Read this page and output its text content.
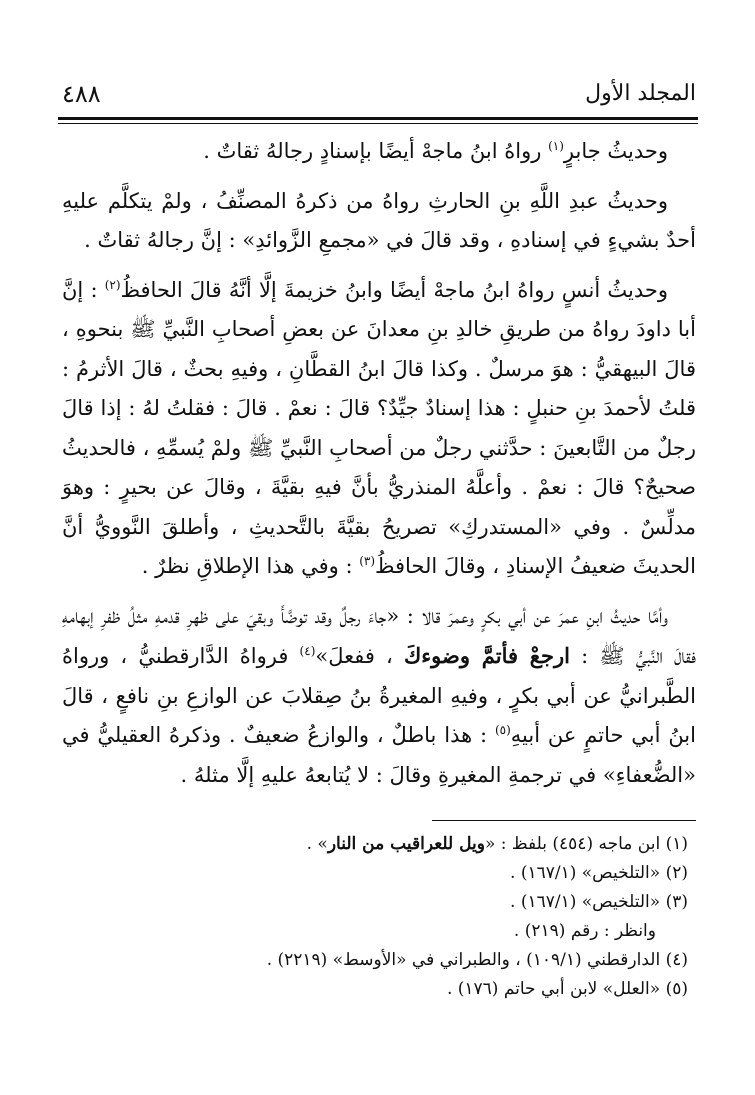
المجلد الأول
٤٨٨

وحديثُ جابرٍ$^{(١)}$ رواهُ ابنُ ماجهْ أيضًا بإسنادٍ رجالهُ ثقاتٌ .

وحديثُ عبدِ اللَّهِ بنِ الحارثِ رواهُ من ذكرهُ المصنِّفُ ، ولمْ يتكلَّم عليهِ أحدٌ بشيءٍ في إسنادهِ ، وقد قالَ في «مجمعِ الزَّوائدِ» : إنَّ رجالهُ ثقاتٌ .

وحديثُ أنسٍ رواهُ ابنُ ماجهْ أيضًا وابنُ خزيمةَ إلَّا أنَّهُ قالَ الحافظُ$^{(٢)}$ : إنَّ أبا داودَ رواهُ من طريقِ خالدِ بنِ معدانَ عن بعضِ أصحابِ النَّبيِّ ﷺ بنحوهِ ، قالَ البيهقيُّ : هوَ مرسلٌ . وكذا قالَ ابنُ القطَّانِ ، وفيهِ بحثٌ ، قالَ الأثرمُ : قلتُ لأحمدَ بنِ حنبلٍ : هذا إسنادٌ جيِّدٌ؟ قالَ : نعمْ . قالَ : فقلتُ لهُ : إذا قالَ رجلٌ من التَّابعينَ : حدَّثني رجلٌ من أصحابِ النَّبيِّ ﷺ ولمْ يُسمِّهِ ، فالحديثُ صحيحٌ؟ قالَ : نعمْ . وأعلَّهُ المنذريُّ بأنَّ فيهِ بقيَّةَ ، وقالَ عن بحيرٍ : وهوَ مدلِّسٌ . وفي «المستدركِ» تصريحُ بقيَّةَ بالتَّحديثِ ، وأطلقَ النَّوويُّ أنَّ الحديثَ ضعيفُ الإسنادِ ، وقالَ الحافظُ$^{(٣)}$ : وفي هذا الإطلاقِ نظرٌ .

وأمَّا حديثُ ابنِ عمرَ عن أبي بكرٍ وعمرَ قالا : «جاءَ رجلٌ وقد توضَّأَ وبقيَ على ظهرِ قدمهِ مثلُ ظفرِ إبهامهِ فقالَ النَّبيُّ ﷺ : ارجعْ فأتمَّ وضوءكَ ، ففعلَ»$^{(٤)}$ فرواهُ الدَّارقطنيُّ ، ورواهُ الطَّبرانيُّ عن أبي بكرٍ ، وفيهِ المغيرةُ بنُ صِقلابَ عن الوازعِ بنِ نافعٍ ، قالَ ابنُ أبي حاتمٍ عن أبيهِ$^{(٥)}$ : هذا باطلٌ ، والوازعُ ضعيفٌ . وذكرهُ العقيليُّ في «الضُّعفاءِ» في ترجمةِ المغيرةِ وقالَ : لا يُتابعهُ عليهِ إلَّا مثلهُ .

(١) ابن ماجه (٤٥٤) بلفظ : «ويل للعراقيب من النار» .
(٢) «التلخيص» (١٦٧/١) .
(٣) «التلخيص» (١٦٧/١) .
وانظر : رقم (٢١٩) .
(٤) الدارقطني (١٠٩/١) ، والطبراني في «الأوسط» (٢٢١٩) .
(٥) «العلل» لابن أبي حاتم (١٧٦) .
